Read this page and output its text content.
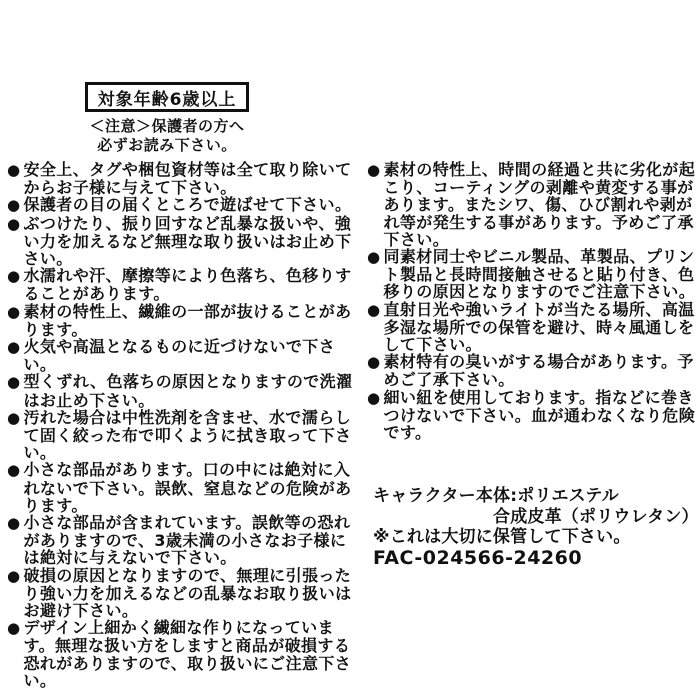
対象年齢6歳以上
＜注意＞保護者の方へ
必ずお読み下さい。
● 安全上、タグや梱包資材等は全て取り除いてからお子様に与えて下さい。
● 保護者の目の届くところで遊ばせて下さい。
● ぶつけたり、振り回すなど乱暴な扱いや、強い力を加えるなど無理な取り扱いはお止め下さい。
● 水濡れや汗、摩擦等により色落ち、色移りすることがあります。
● 素材の特性上、繊維の一部が抜けることがあります。
● 火気や高温となるものに近づけないで下さい。
● 型くずれ、色落ちの原因となりますので洗濯はお止め下さい。
● 汚れた場合は中性洗剤を含ませ、水で濡らして固く絞った布で叩くように拭き取って下さい。
● 小さな部品があります。口の中には絶対に入れないで下さい。誤飲、窒息などの危険があります。
● 小さな部品が含まれています。誤飲等の恐れがありますので、3歳未満の小さなお子様には絶対に与えないで下さい。
● 破損の原因となりますので、無理に引張ったり強い力を加えるなどの乱暴なお取り扱いはお避け下さい。
● デザイン上細かく繊細な作りになっています。無理な扱い方をしますと商品が破損する恐れがありますので、取り扱いにご注意下さい。
● 素材の特性上、時間の経過と共に劣化が起こり、コーティングの剥離や黄変する事があります。またシワ、傷、ひび割れや剥がれ等が発生する事があります。予めご了承下さい。
● 同素材同士やビニル製品、革製品、プリント製品と長時間接触させると貼り付き、色移りの原因となりますのでご注意下さい。
● 直射日光や強いライトが当たる場所、高温多湿な場所での保管を避け、時々風通しをして下さい。
● 素材特有の臭いがする場合があります。予めご了承下さい。
● 細い紐を使用しております。指などに巻きつけないで下さい。血が通わなくなり危険です。
キャラクター本体:ポリエステル
合成皮革（ポリウレタン）
※これは大切に保管して下さい。
FAC-024566-24260
